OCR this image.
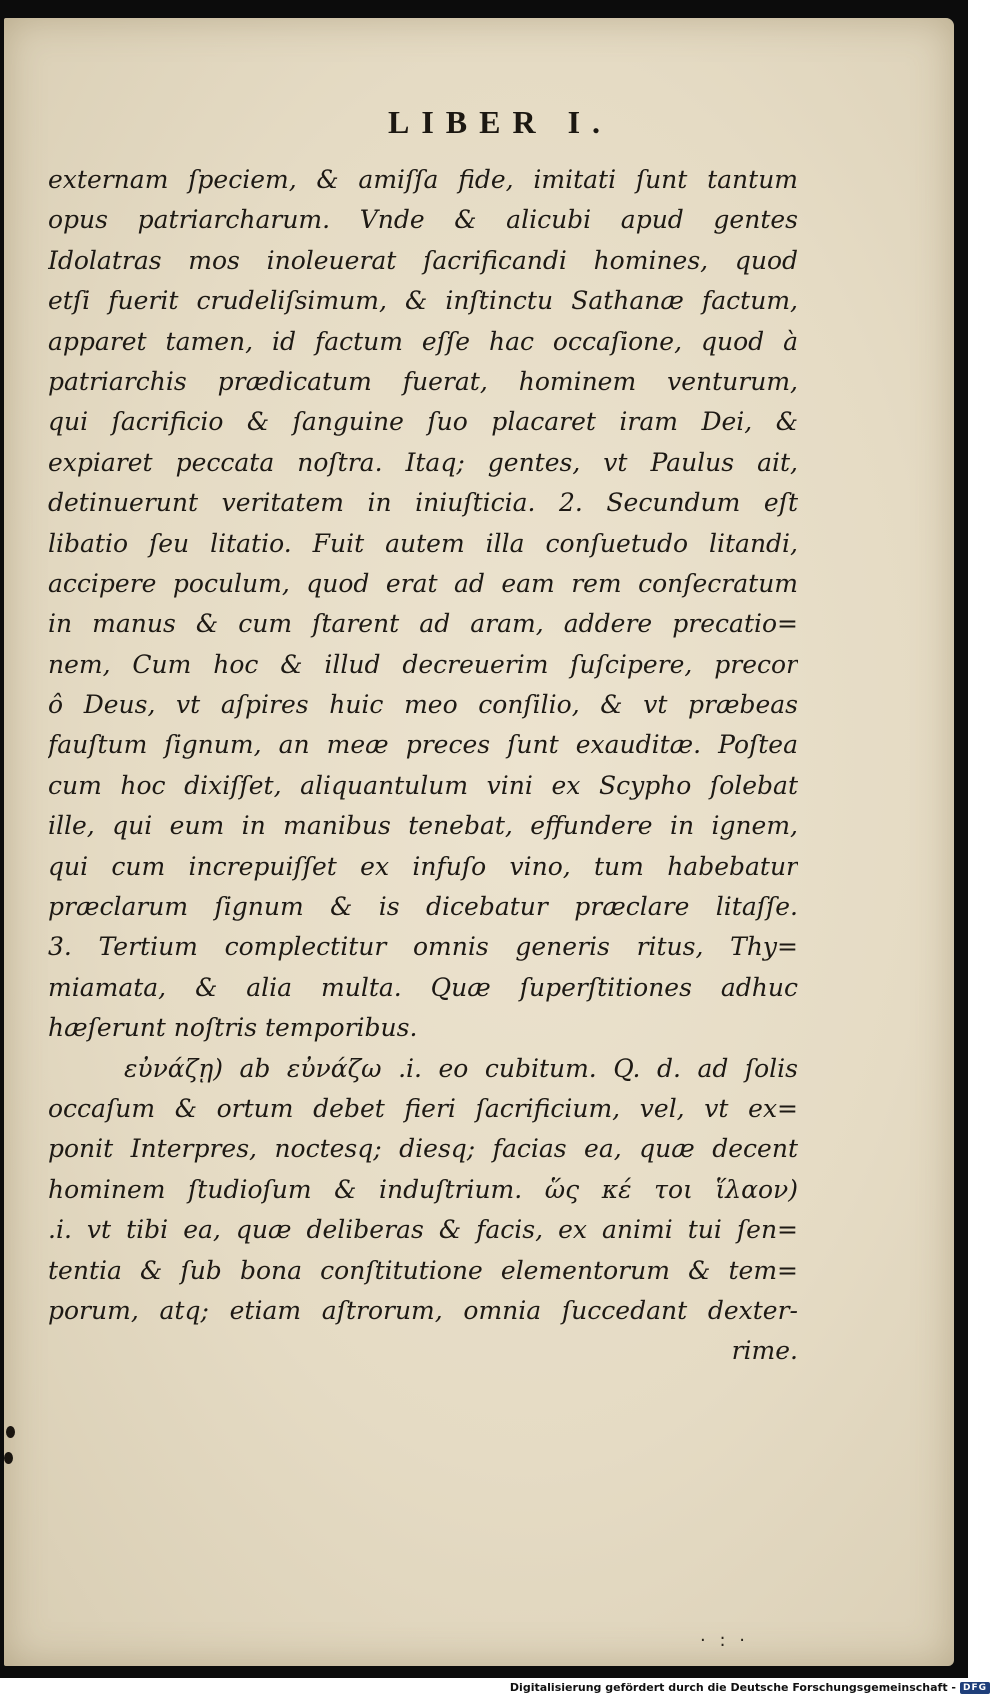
LIBER I.
externam ſpeciem, & amiſſa fide, imitati ſunt tantum
opus patriarcharum. Vnde & alicubi apud gentes
Idolatras mos inoleuerat ſacrificandi homines, quod
etſi fuerit crudeliſsimum, & inſtinctu Sathanæ factum,
apparet tamen, id factum eſſe hac occaſione, quod à
patriarchis prædicatum fuerat, hominem venturum,
qui ſacrificio & ſanguine ſuo placaret iram Dei, &
expiaret peccata noſtra. Itaq; gentes, vt Paulus ait,
detinuerunt veritatem in iniuſticia. 2. Secundum eſt
libatio ſeu litatio. Fuit autem illa conſuetudo litandi,
accipere poculum, quod erat ad eam rem conſecratum
in manus & cum ſtarent ad aram, addere precatio=
nem, Cum hoc & illud decreuerim ſuſcipere, precor
ô Deus, vt aſpires huic meo conſilio, & vt præbeas
fauſtum ſignum, an meæ preces ſunt exauditæ. Poſtea
cum hoc dixiſſet, aliquantulum vini ex Scypho ſolebat
ille, qui eum in manibus tenebat, effundere in ignem,
qui cum increpuiſſet ex infuſo vino, tum habebatur
præclarum ſignum & is dicebatur præclare litaſſe.
3. Tertium complectitur omnis generis ritus, Thy=
miamata, & alia multa. Quæ ſuperſtitiones adhuc
hæſerunt noſtris temporibus.
εὐνάζῃ) ab εὐνάζω .i. eo cubitum. Q. d. ad ſolis
occaſum & ortum debet fieri ſacrificium, vel, vt ex=
ponit Interpres, noctesq; diesq; facias ea, quæ decent
hominem ſtudioſum & induſtrium. ὥς κέ τοι ἵλαον)
.i. vt tibi ea, quæ deliberas & facis, ex animi tui ſen=
tentia & ſub bona conſtitutione elementorum & tem=
porum, atq; etiam aſtrorum, omnia ſuccedant dexter-
rime.
· : ·
Digitalisierung gefördert durch die Deutsche Forschungsgemeinschaft - DFG
